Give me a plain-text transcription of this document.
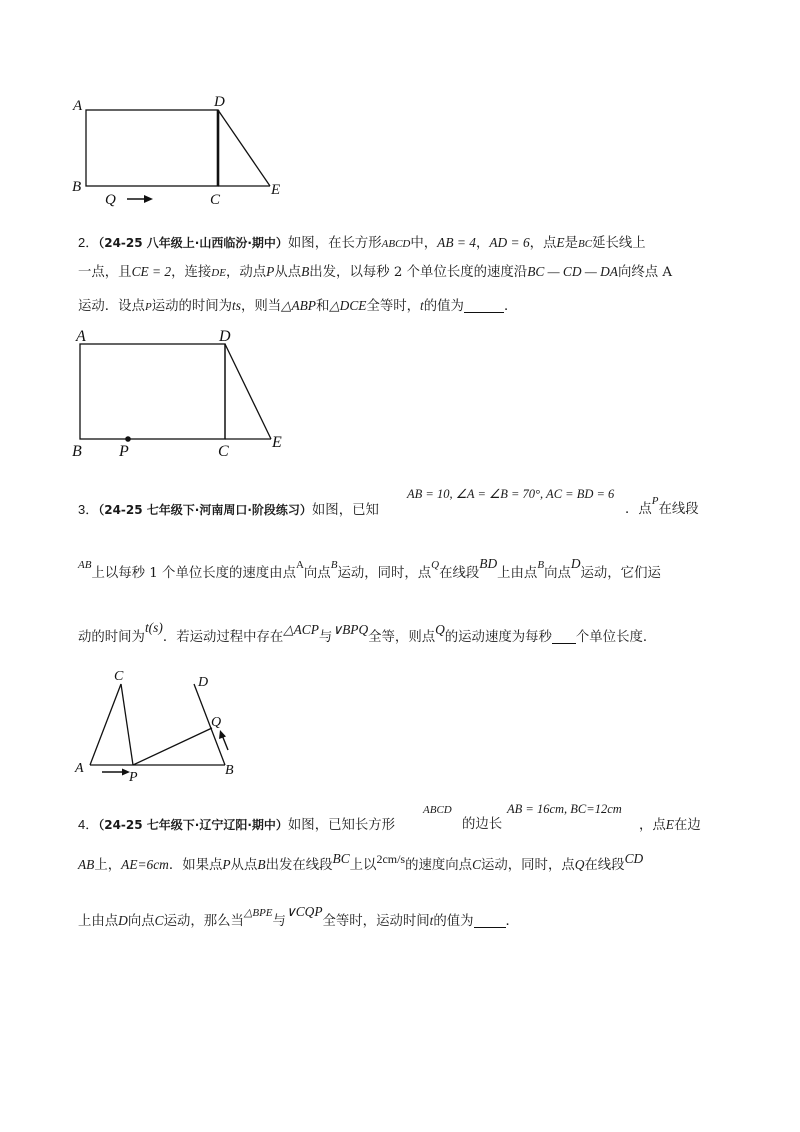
A	D
B
Q	C
E
2．（24-25 八年级上·山西临汾·期中）如图，在长方形ABCD中，AB = 4，AD = 6，点E是BC延长线上
一点，且CE = 2，连接DE，动点P从点B出发，以每秒 2 个单位长度的速度沿BC — CD — DA向终点 A
运动．设点P运动的时间为ts，则当△ABP和△DCE全等时，t的值为	．
A	D
B P	C
E
AB = 10, ∠A = ∠B = 70°, AC = BD = 6
3．（24-25 七年级下·河南周口·阶段练习）如图，已知	．点$^P$在线段
$^{AB}$上以每秒 1 个单位长度的速度由点$^A$向点$^B$运动，同时，点$^Q$在线段BD上由点$^B$向点D运动，它们运
动的时间为t(s)．若运动过程中存在△ACP与∨BPQ全等，则点Q的运动速度为每秒 个单位长度．
C	D
Q
A
P	B
ABCD	AB = 16cm, BC=12cm
4．（24-25 七年级下·辽宁辽阳·期中）如图，已知长方形	的边长	，点E在边
AB上，AE=6cm．如果点P从点B出发在线段BC上以2cm/s的速度向点C运动，同时，点Q在线段CD
上由点D向点C运动，那么当$^{\triangle BPE}$与∨CQP全等时，运动时间t的值为 ．
